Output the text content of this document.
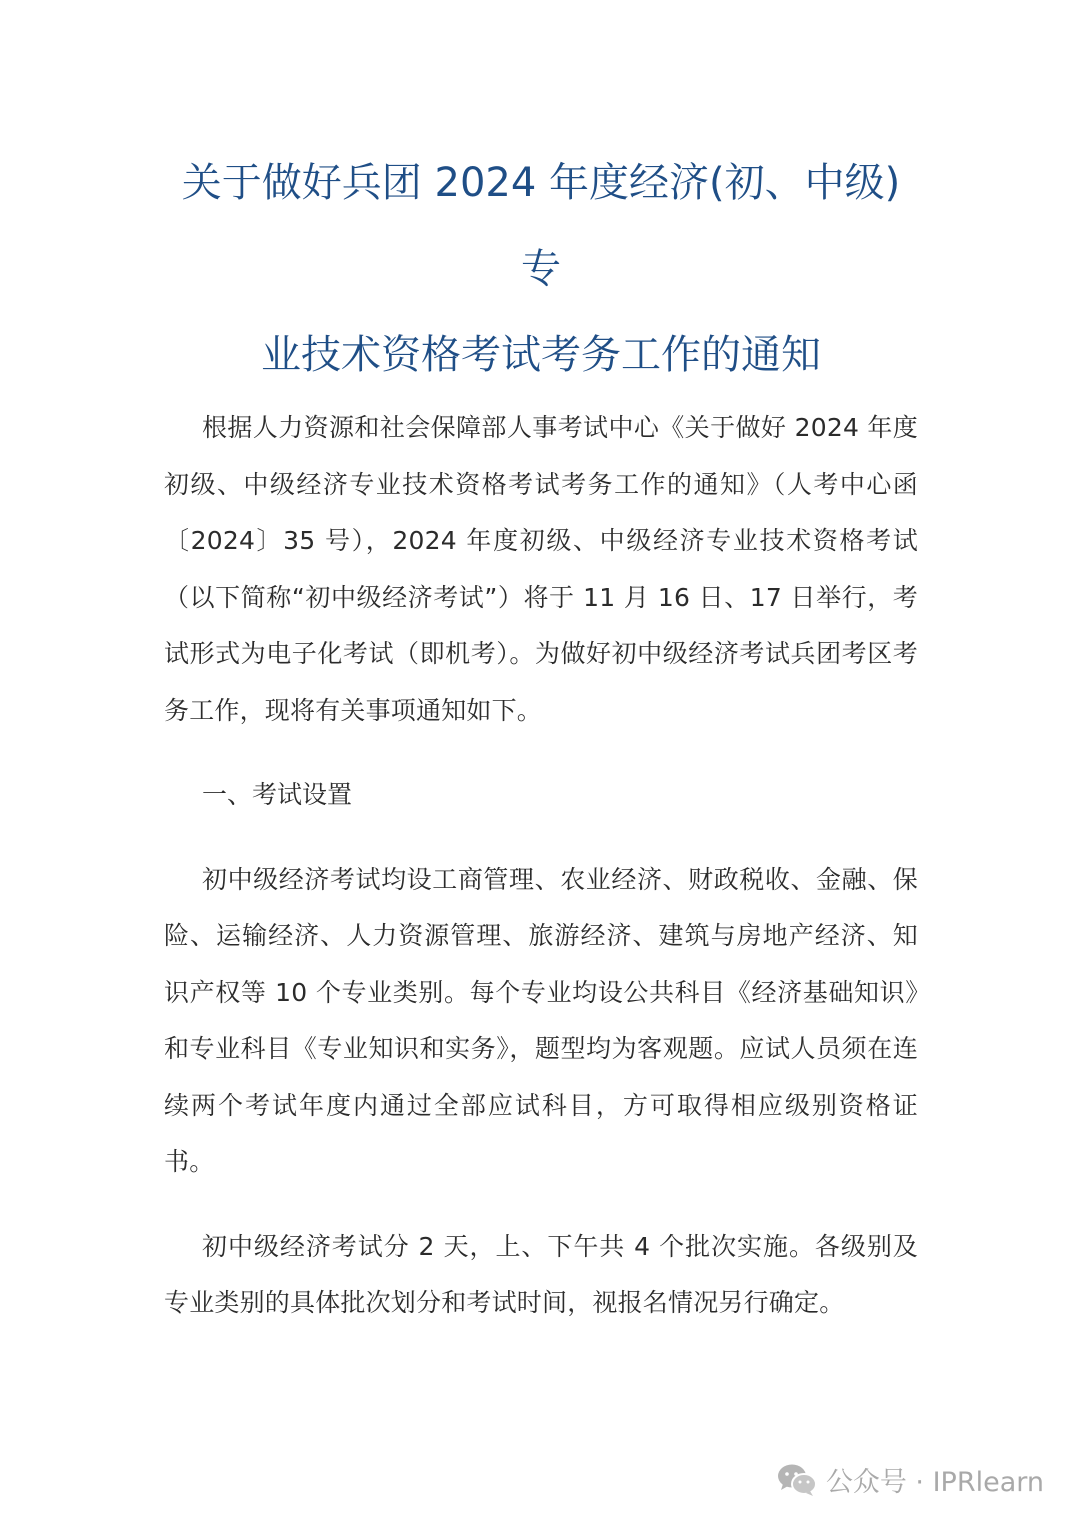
关于做好兵团 2024 年度经济(初、中级)专
业技术资格考试考务工作的通知

根据人力资源和社会保障部人事考试中心《关于做好 2024 年度初级、中级经济专业技术资格考试考务工作的通知》（人考中心函〔2024〕35 号），2024 年度初级、中级经济专业技术资格考试（以下简称“初中级经济考试”）将于 11 月 16 日、17 日举行，考试形式为电子化考试（即机考）。为做好初中级经济考试兵团考区考务工作，现将有关事项通知如下。

一、考试设置

初中级经济考试均设工商管理、农业经济、财政税收、金融、保险、运输经济、人力资源管理、旅游经济、建筑与房地产经济、知识产权等 10 个专业类别。每个专业均设公共科目《经济基础知识》和专业科目《专业知识和实务》，题型均为客观题。应试人员须在连续两个考试年度内通过全部应试科目，方可取得相应级别资格证书。

初中级经济考试分 2 天，上、下午共 4 个批次实施。各级别及专业类别的具体批次划分和考试时间，视报名情况另行确定。

公众号 · IPRlearn
